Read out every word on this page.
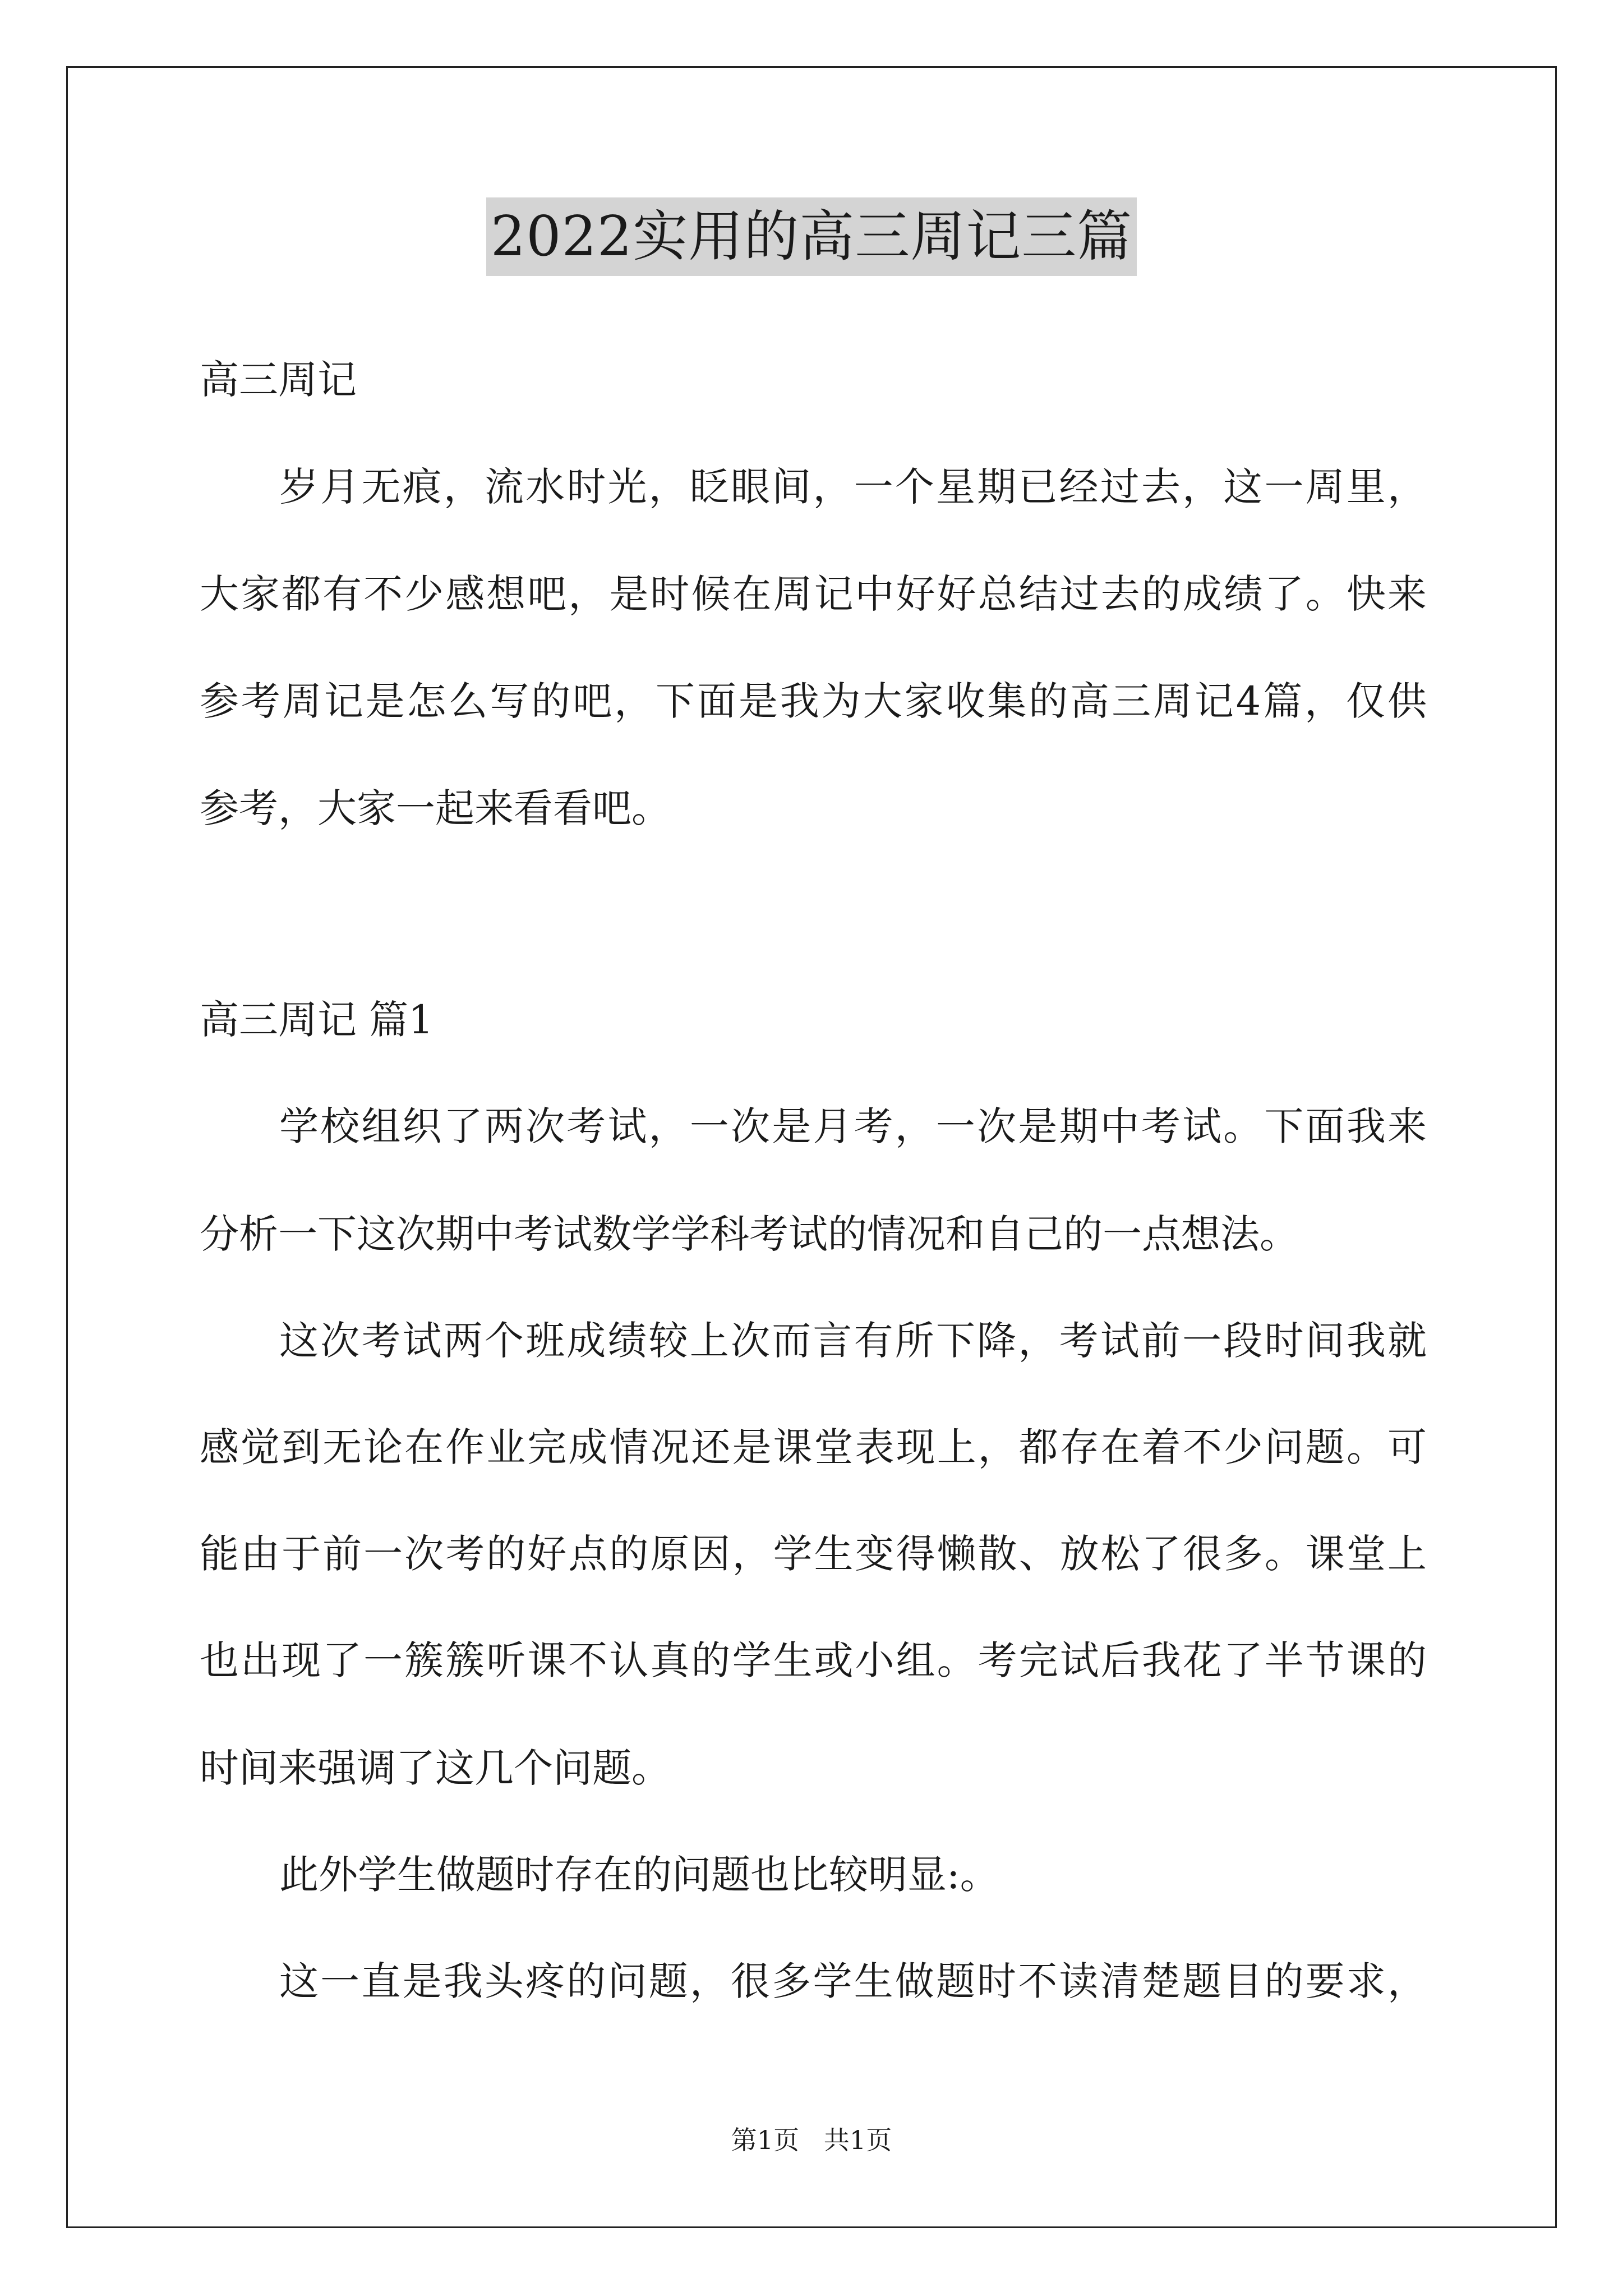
2022实用的高三周记三篇
高三周记
岁月无痕，流水时光，眨眼间，一个星期已经过去，这一周里，
大家都有不少感想吧，是时候在周记中好好总结过去的成绩了。快来
参考周记是怎么写的吧，下面是我为大家收集的高三周记4篇，仅供
参考，大家一起来看看吧。
高三周记 篇1
学校组织了两次考试，一次是月考，一次是期中考试。下面我来
分析一下这次期中考试数学学科考试的情况和自己的一点想法。
这次考试两个班成绩较上次而言有所下降，考试前一段时间我就
感觉到无论在作业完成情况还是课堂表现上，都存在着不少问题。可
能由于前一次考的好点的原因，学生变得懒散、放松了很多。课堂上
也出现了一簇簇听课不认真的学生或小组。考完试后我花了半节课的
时间来强调了这几个问题。
此外学生做题时存在的问题也比较明显:。
这一直是我头疼的问题，很多学生做题时不读清楚题目的要求，
第1页   共1页
